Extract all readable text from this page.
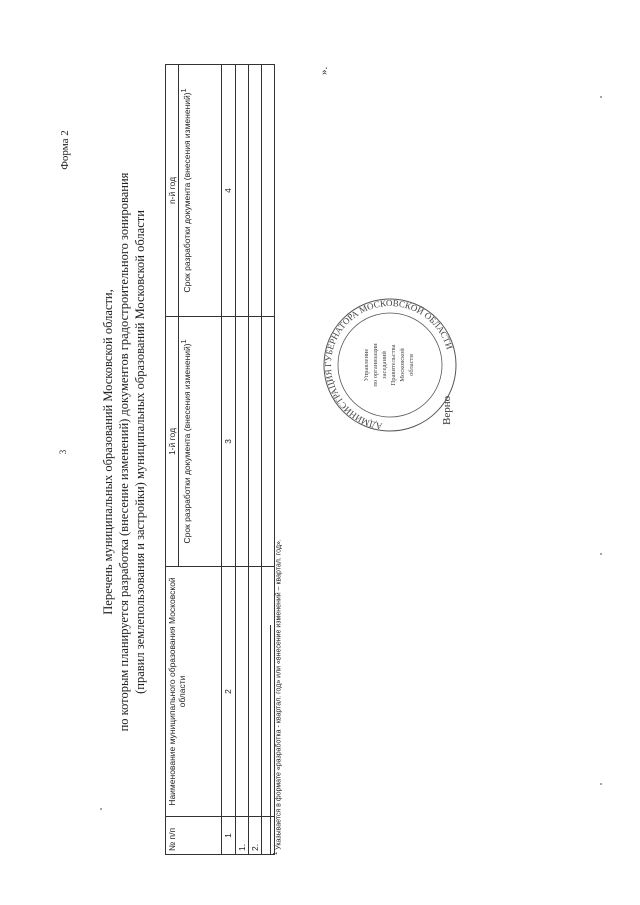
3
Форма 2
Перечень муниципальных образований Московской области, по которым планируется разработка (внесение изменений) документов градостроительного зонирования (правил землепользования и застройки) муниципальных образований Московской области
№ п/п	Наименование муниципального образования Московской области	1-й год	n-й год
		Срок разработки документа (внесения изменений)$^1$	Срок разработки документа (внесения изменений)$^1$
1	2	3	4
1.			
2.			
...	...		
$^1$ Указывается в формате «разработка - квартал. год» или «внесение изменений – квартал. год».
».
АДМИНИСТРАЦИЯ ГУБЕРНАТОРА МОСКОВСКОЙ ОБЛАСТИ
Управление по организации заседаний Правительства Московской области
Верно
